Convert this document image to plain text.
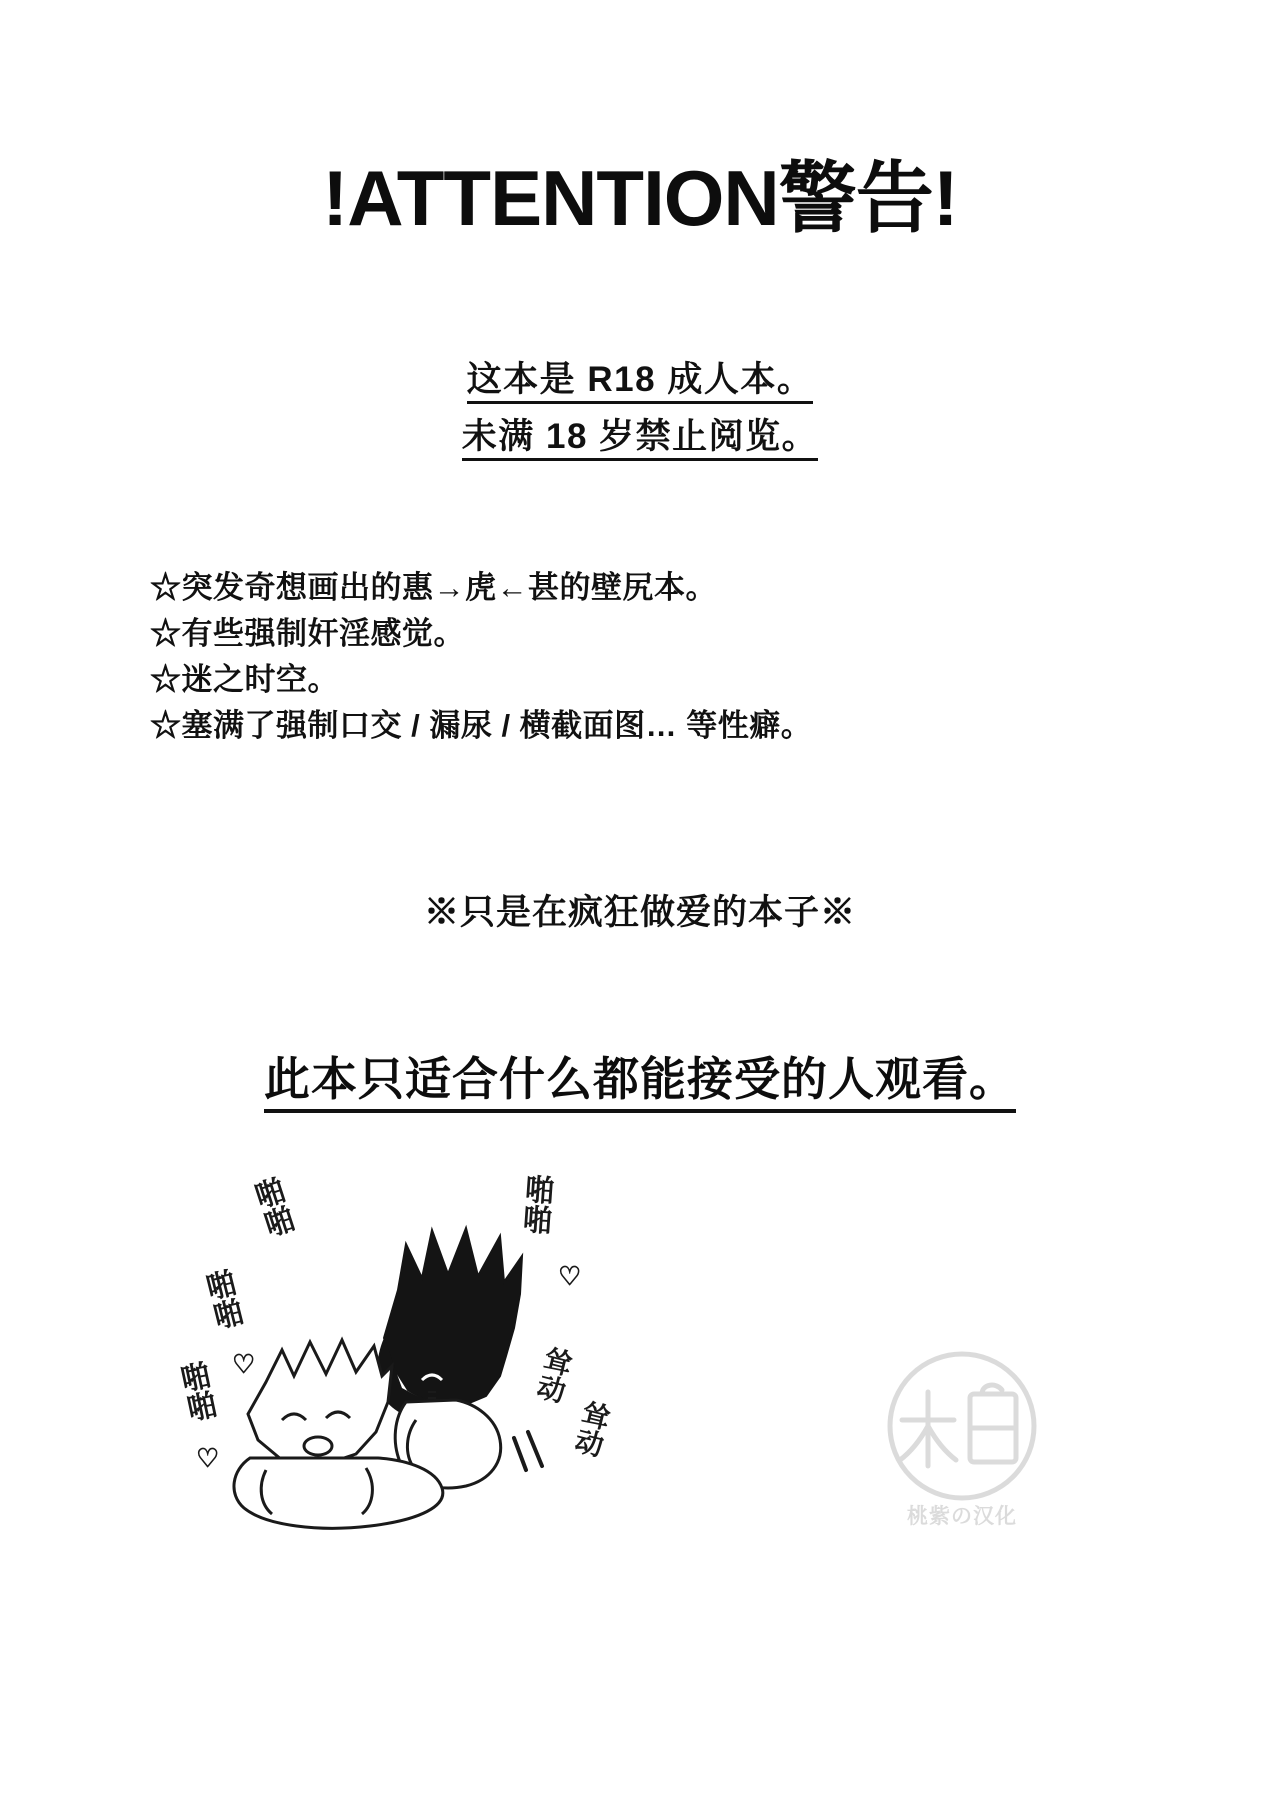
!ATTENTION警告!
这本是 R18 成人本。
未满 18 岁禁止阅览。
☆突发奇想画出的惠→虎←甚的壁尻本。
☆有些强制奸淫感觉。
☆迷之时空。
☆塞满了强制口交 / 漏尿 / 横截面图… 等性癖。
※只是在疯狂做爱的本子※
此本只适合什么都能接受的人观看。
啪啪
啪啪
啪啪
啪啪
耸动
耸动
♡
♡
♡
桃紫の汉化
